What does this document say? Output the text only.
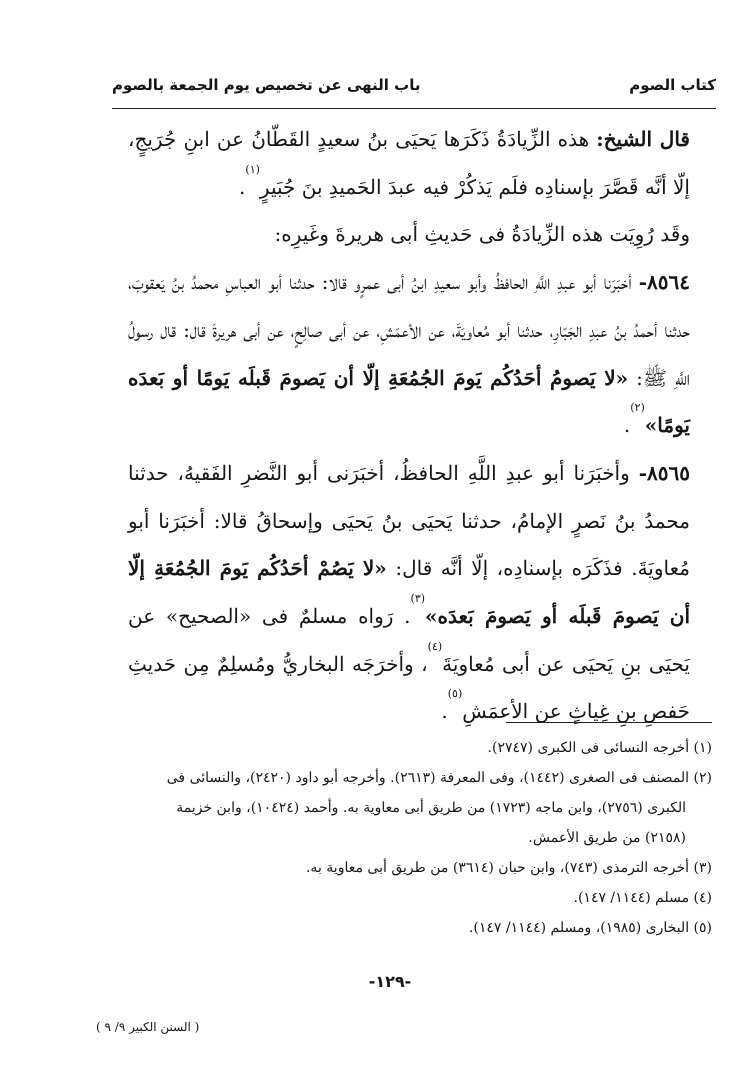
كتاب الصوم
باب النهى عن تخصيص يوم الجمعة بالصوم

قال الشيخ: هذه الزِّيادَةُ ذَكَرَها يَحيَى بنُ سعيدٍ القَطّانُ عن ابنِ جُرَيجٍ، إلّا أنَّه قَصَّرَ بإسنادِه فلَم يَذكُرْ فيه عبدَ الحَميدِ بنَ جُبَيرٍ$^{(١)}$.

وقَد رُوِيَت هذه الزِّيادَةُ فى حَديثِ أبى هريرةَ وغَيرِه:

٨٥٦٤- أخبَرَنا أبو عبدِ اللَّهِ الحافظُ وأبو سعيدِ ابنُ أبى عمرٍو قالا: حدثنا أبو العباسِ محمدُ بنُ يَعقوبَ، حدثنا أحمدُ بنُ عبدِ الجَبّارِ، حدثنا أبو مُعاويَةَ، عن الأعمَشِ، عن أبى صالِحٍ، عن أبى هريرةَ قال: قال رسولُ اللَّهِ ﷺ: «لا يَصومُ أحَدُكُم يَومَ الجُمُعَةِ إلّا أن يَصومَ قَبلَه يَومًا أو بَعدَه يَومًا»$^{(٢)}$.

٨٥٦٥- وأخبَرَنا أبو عبدِ اللَّهِ الحافظُ، أخبَرَنى أبو النَّضرِ الفَقيهُ، حدثنا محمدُ بنُ نَصرٍ الإمامُ، حدثنا يَحيَى بنُ يَحيَى وإسحاقُ قالا: أخبَرَنا أبو مُعاويَةَ. فذَكَرَه بإسنادِه، إلّا أنَّه قال: «لا يَصُمْ أحَدُكُم يَومَ الجُمُعَةِ إلّا أن يَصومَ قَبلَه أو يَصومَ بَعدَه»$^{(٣)}$. رَواه مسلمٌ فى «الصحيح» عن يَحيَى بنِ يَحيَى عن أبى مُعاويَةَ$^{(٤)}$، وأخرَجَه البخاريُّ ومُسلِمٌ مِن حَديثِ حَفصِ بنِ غِياثٍ عن الأعمَشِ$^{(٥)}$.

(١) أخرجه النسائى فى الكبرى (٢٧٤٧).

(٢) المصنف فى الصغرى (١٤٤٢)، وفى المعرفة (٢٦١٣). وأخرجه أبو داود (٢٤٢٠)، والنسائى فى

الكبرى (٢٧٥٦)، وابن ماجه (١٧٢٣) من طريق أبى معاوية به. وأحمد (١٠٤٢٤)، وابن خزيمة

(٢١٥٨) من طريق الأعمش.

(٣) أخرجه الترمذى (٧٤٣)، وابن حبان (٣٦١٤) من طريق أبى معاوية به.

(٤) مسلم (١١٤٤/ ١٤٧).

(٥) البخارى (١٩٨٥)، ومسلم (١١٤٤/ ١٤٧).

-١٢٩-
( السنن الكبير ٩/ ٩ )
